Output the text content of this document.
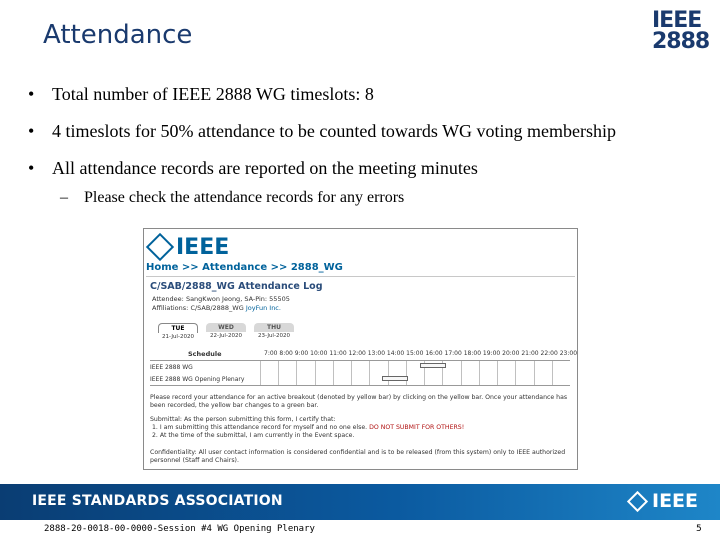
Attendance	IEEE
2888
• Total number of IEEE 2888 WG timeslots: 8
• 4 timeslots for 50% attendance to be counted towards WG voting membership
• All attendance records are reported on the meeting minutes
– Please check the attendance records for any errors
IEEE
Home >> Attendance >> 2888_WG
C/SAB/2888_WG Attendance Log
Attendee: SangKwon Jeong, SA-Pin: 55505
Affiliations: C/SAB/2888_WG JoyFun Inc.
TUE
21-Jul-2020
WED
22-Jul-2020
THU
23-Jul-2020
Schedule	7:00 8:00 9:00 10:00 11:00 12:00 13:00 14:00 15:00 16:00 17:00 18:00 19:00 20:00 21:00 22:00 23:00
IEEE 2888 WG
IEEE 2888 WG Opening Plenary
Please record your attendance for an active breakout (denoted by yellow bar) by clicking on the yellow bar. Once your attendance has been recorded, the yellow bar changes to a green bar.
Submittal: As the person submitting this form, I certify that:
1. I am submitting this attendance record for myself and no one else. DO NOT SUBMIT FOR OTHERS!
2. At the time of the submittal, I am currently in the Event space.
Confidentiality: All user contact information is considered confidential and is to be released (from this system) only to IEEE authorized personnel (Staff and Chairs).
IEEE STANDARDS ASSOCIATION	IEEE
2888-20-0018-00-0000-Session #4 WG Opening Plenary	5
